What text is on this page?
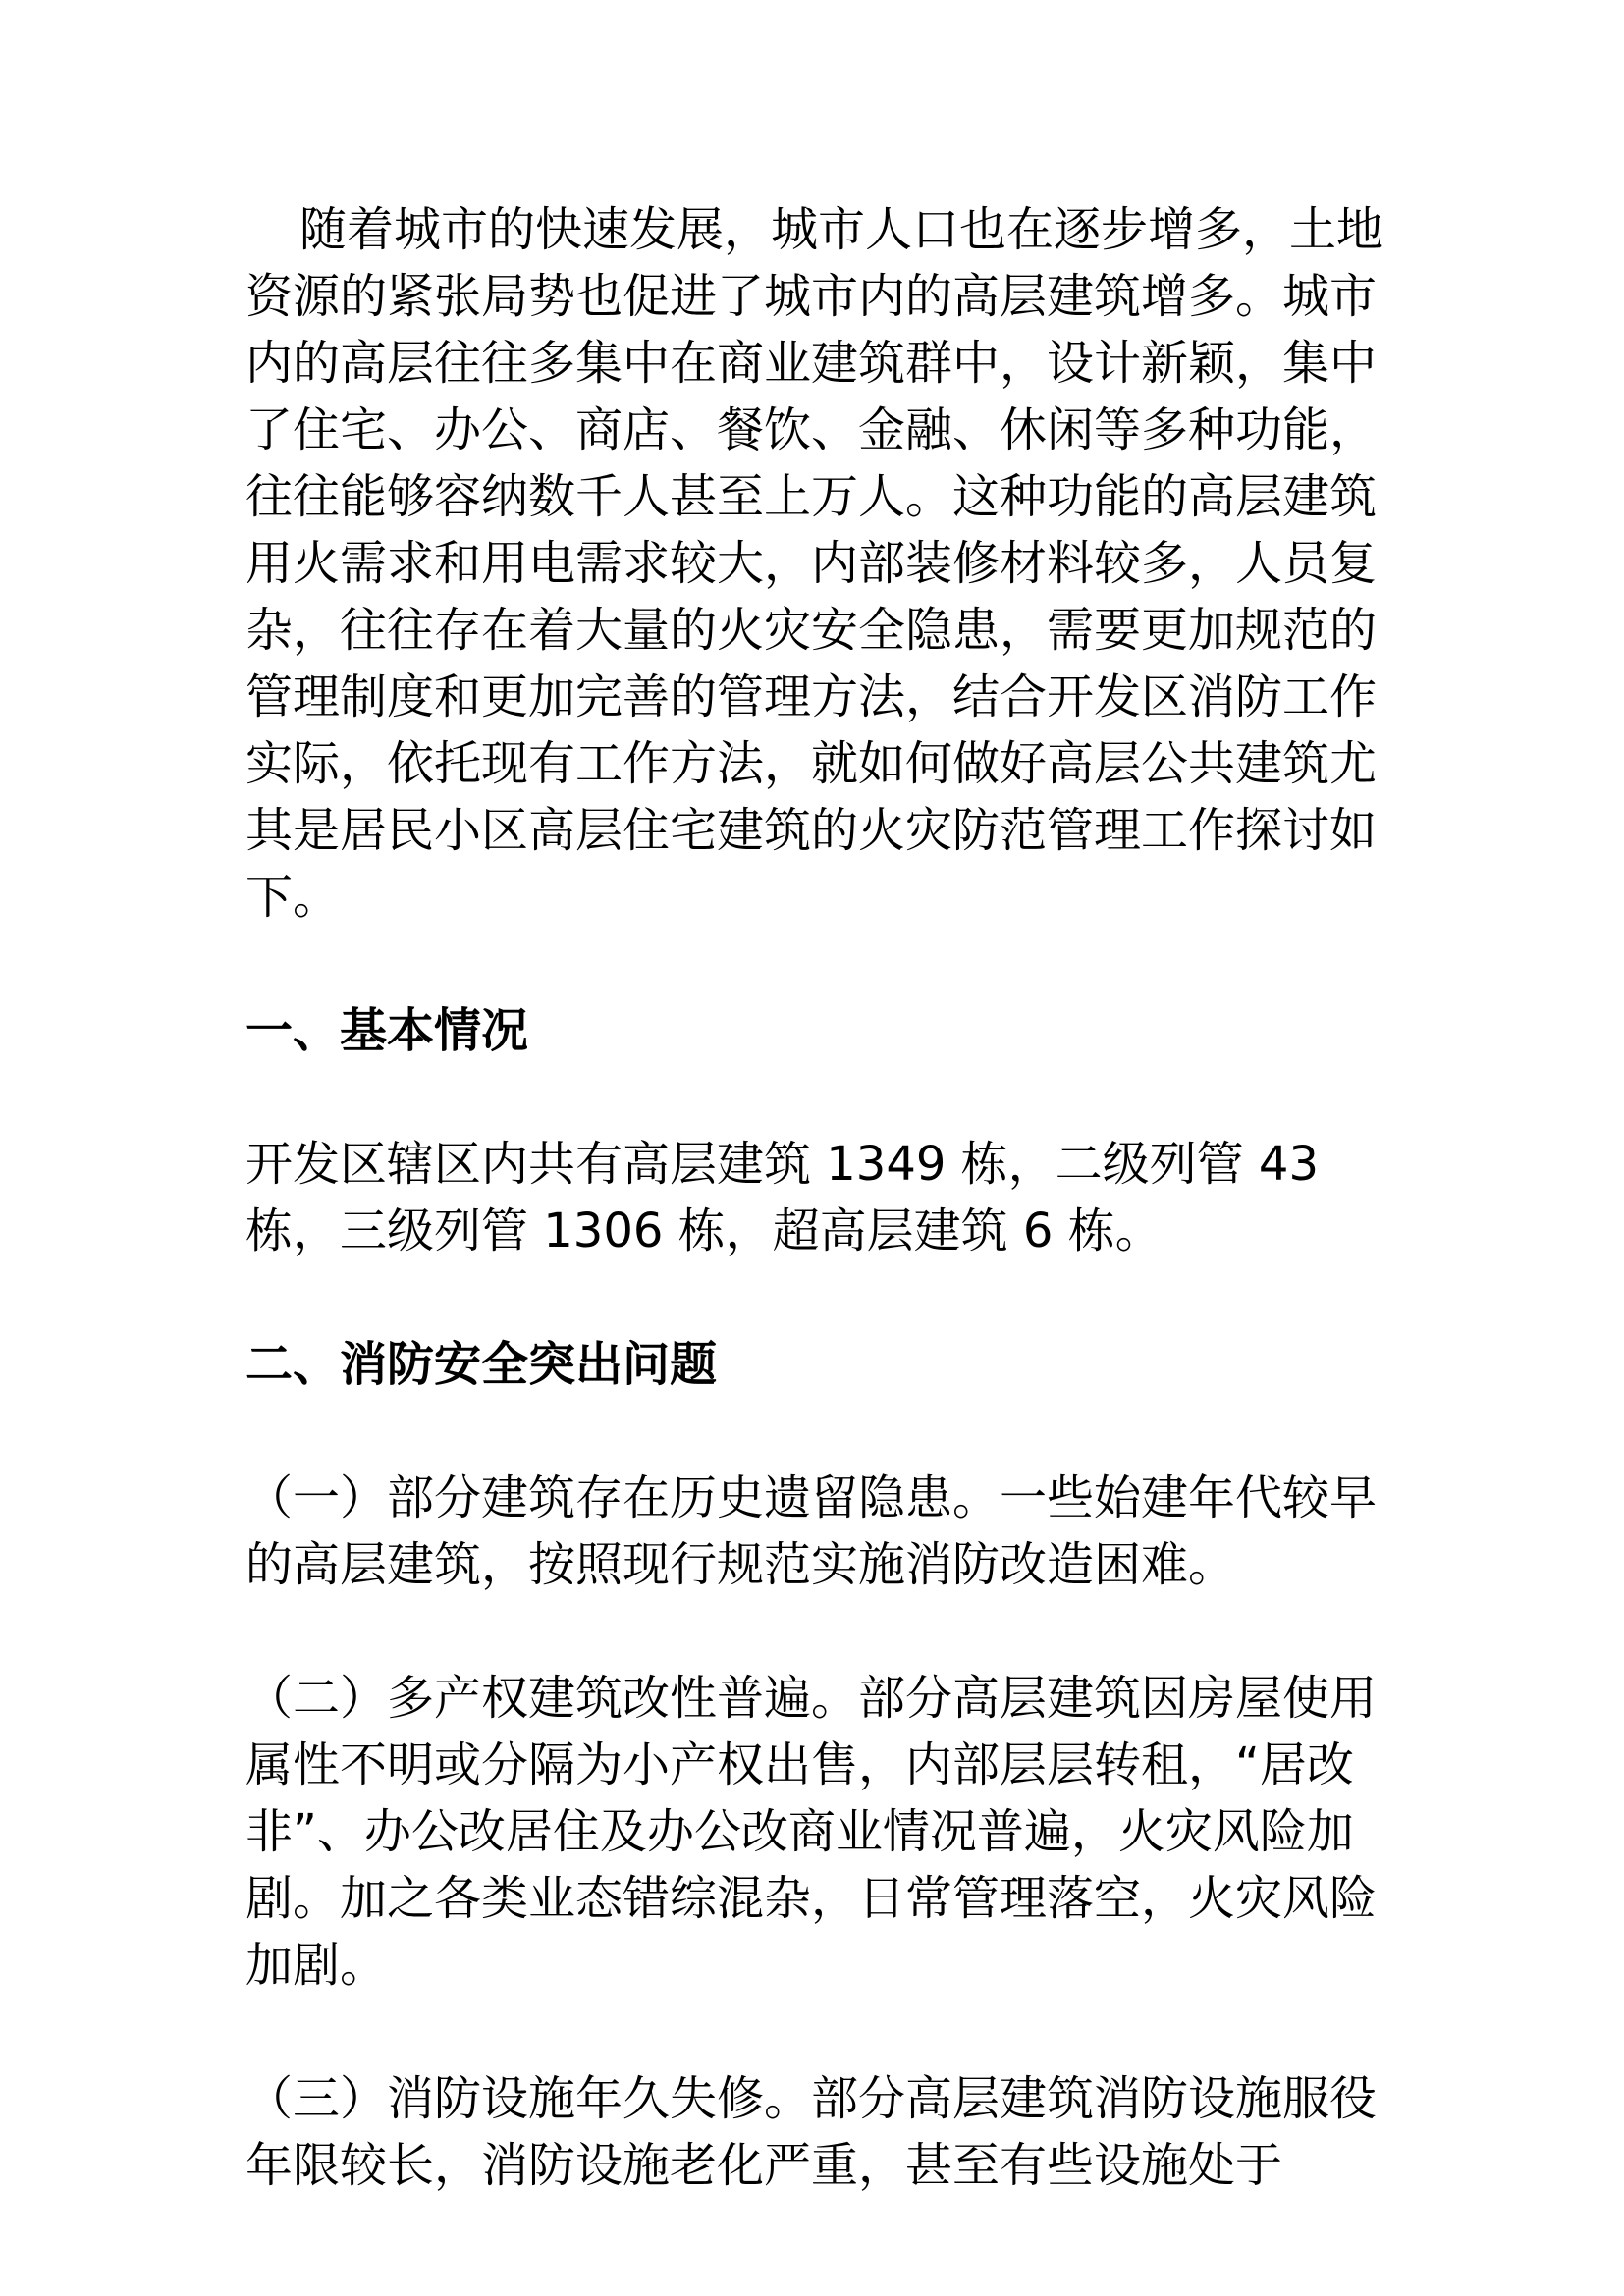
随着城市的快速发展，城市人口也在逐步增多，土地资源的紧张局势也促进了城市内的高层建筑增多。城市内的高层往往多集中在商业建筑群中，设计新颖，集中了住宅、办公、商店、餐饮、金融、休闲等多种功能，往往能够容纳数千人甚至上万人。这种功能的高层建筑用火需求和用电需求较大，内部装修材料较多，人员复杂，往往存在着大量的火灾安全隐患，需要更加规范的管理制度和更加完善的管理方法，结合开发区消防工作实际，依托现有工作方法，就如何做好高层公共建筑尤其是居民小区高层住宅建筑的火灾防范管理工作探讨如下。

一、基本情况

开发区辖区内共有高层建筑 1349 栋，二级列管 43 栋，三级列管 1306 栋，超高层建筑 6 栋。

二、消防安全突出问题

（一）部分建筑存在历史遗留隐患。一些始建年代较早的高层建筑，按照现行规范实施消防改造困难。

（二）多产权建筑改性普遍。部分高层建筑因房屋使用属性不明或分隔为小产权出售，内部层层转租，“居改非”、办公改居住及办公改商业情况普遍，火灾风险加剧。加之各类业态错综混杂，日常管理落空，火灾风险加剧。

（三）消防设施年久失修。部分高层建筑消防设施服役年限较长，消防设施老化严重，甚至有些设施处于
